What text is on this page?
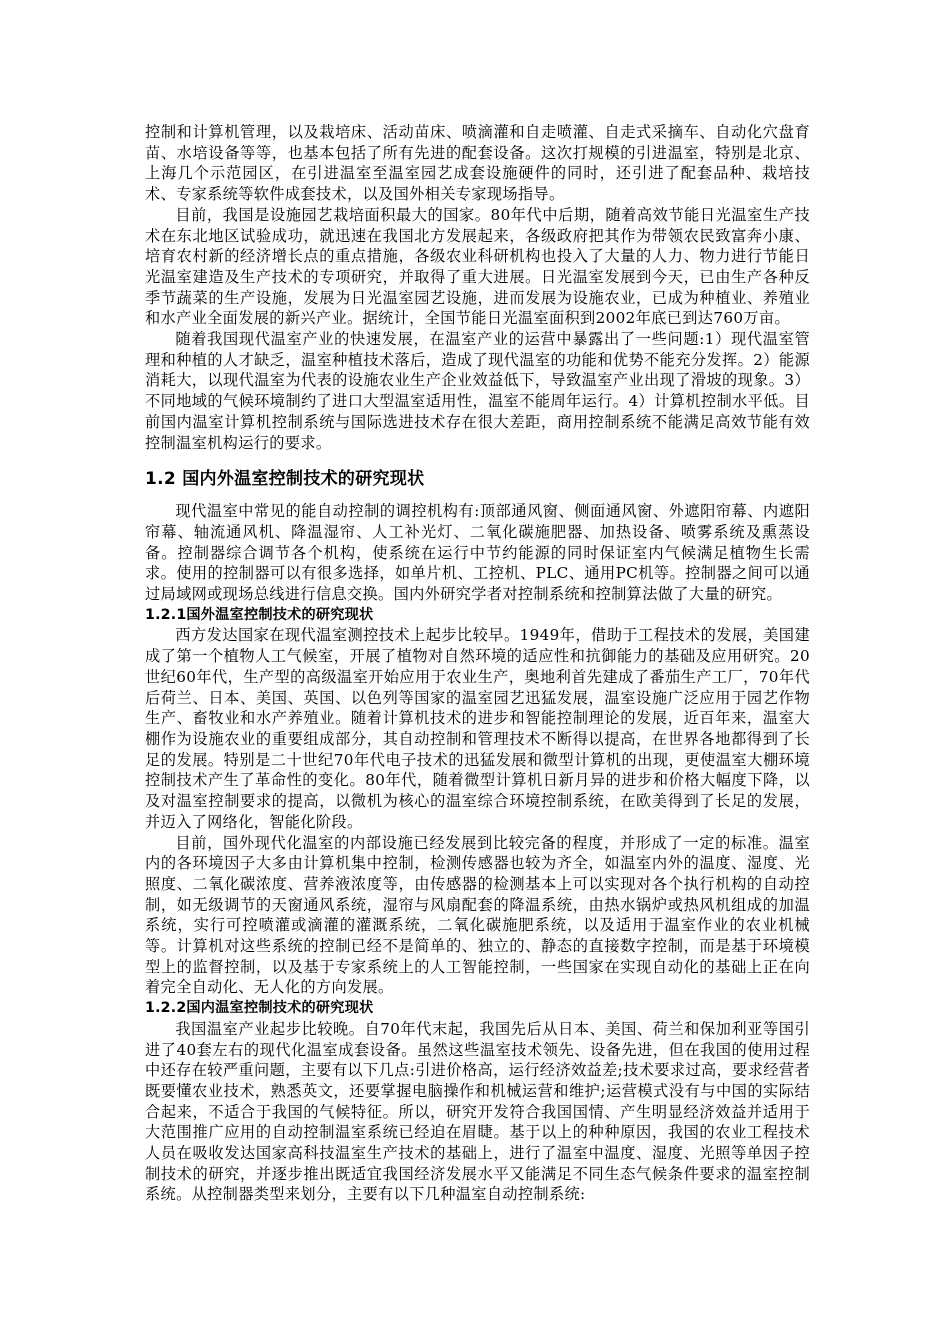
控制和计算机管理，以及栽培床、活动苗床、喷滴灌和自走喷灌、自走式采摘车、自动化穴盘育苗、水培设备等等，也基本包括了所有先进的配套设备。这次打规模的引进温室，特别是北京、上海几个示范园区，在引进温室至温室园艺成套设施硬件的同时，还引进了配套品种、栽培技术、专家系统等软件成套技术，以及国外相关专家现场指导。

目前，我国是设施园艺栽培面积最大的国家。80年代中后期，随着高效节能日光温室生产技术在东北地区试验成功，就迅速在我国北方发展起来，各级政府把其作为带领农民致富奔小康、培育农村新的经济增长点的重点措施，各级农业科研机构也投入了大量的人力、物力进行节能日光温室建造及生产技术的专项研究，并取得了重大进展。日光温室发展到今天，已由生产各种反季节蔬菜的生产设施，发展为日光温室园艺设施，进而发展为设施农业，已成为种植业、养殖业和水产业全面发展的新兴产业。据统计，全国节能日光温室面积到2002年底已到达760万亩。

随着我国现代温室产业的快速发展，在温室产业的运营中暴露出了一些问题:1）现代温室管理和种植的人才缺乏，温室种植技术落后，造成了现代温室的功能和优势不能充分发挥。2）能源消耗大，以现代温室为代表的设施农业生产企业效益低下，导致温室产业出现了滑坡的现象。3）不同地域的气候环境制约了进口大型温室适用性，温室不能周年运行。4）计算机控制水平低。目前国内温室计算机控制系统与国际选进技术存在很大差距，商用控制系统不能满足高效节能有效控制温室机构运行的要求。

1.2 国内外温室控制技术的研究现状

现代温室中常见的能自动控制的调控机构有:顶部通风窗、侧面通风窗、外遮阳帘幕、内遮阳帘幕、轴流通风机、降温湿帘、人工补光灯、二氧化碳施肥器、加热设备、喷雾系统及熏蒸设备。控制器综合调节各个机构，使系统在运行中节约能源的同时保证室内气候满足植物生长需求。使用的控制器可以有很多选择，如单片机、工控机、PLC、通用PC机等。控制器之间可以通过局域网或现场总线进行信息交换。国内外研究学者对控制系统和控制算法做了大量的研究。

1.2.1国外温室控制技术的研究现状

西方发达国家在现代温室测控技术上起步比较早。1949年，借助于工程技术的发展，美国建成了第一个植物人工气候室，开展了植物对自然环境的适应性和抗御能力的基础及应用研究。20世纪60年代，生产型的高级温室开始应用于农业生产，奥地利首先建成了番茄生产工厂，70年代后荷兰、日本、美国、英国、以色列等国家的温室园艺迅猛发展，温室设施广泛应用于园艺作物生产、畜牧业和水产养殖业。随着计算机技术的进步和智能控制理论的发展，近百年来，温室大棚作为设施农业的重要组成部分，其自动控制和管理技术不断得以提高，在世界各地都得到了长足的发展。特别是二十世纪70年代电子技术的迅猛发展和微型计算机的出现，更使温室大棚环境控制技术产生了革命性的变化。80年代，随着微型计算机日新月异的进步和价格大幅度下降，以及对温室控制要求的提高，以微机为核心的温室综合环境控制系统，在欧美得到了长足的发展，并迈入了网络化，智能化阶段。

目前，国外现代化温室的内部设施已经发展到比较完备的程度，并形成了一定的标准。温室内的各环境因子大多由计算机集中控制，检测传感器也较为齐全，如温室内外的温度、湿度、光照度、二氧化碳浓度、营养液浓度等，由传感器的检测基本上可以实现对各个执行机构的自动控制，如无级调节的天窗通风系统，湿帘与风扇配套的降温系统，由热水锅炉或热风机组成的加温系统，实行可控喷灌或滴灌的灌溉系统，二氧化碳施肥系统，以及适用于温室作业的农业机械等。计算机对这些系统的控制已经不是简单的、独立的、静态的直接数字控制，而是基于环境模型上的监督控制，以及基于专家系统上的人工智能控制，一些国家在实现自动化的基础上正在向着完全自动化、无人化的方向发展。

1.2.2国内温室控制技术的研究现状

我国温室产业起步比较晚。自70年代末起，我国先后从日本、美国、荷兰和保加利亚等国引进了40套左右的现代化温室成套设备。虽然这些温室技术领先、设备先进，但在我国的使用过程中还存在较严重问题，主要有以下几点:引进价格高，运行经济效益差;技术要求过高，要求经营者既要懂农业技术，熟悉英文，还要掌握电脑操作和机械运营和维护;运营模式没有与中国的实际结合起来，不适合于我国的气候特征。所以，研究开发符合我国国情、产生明显经济效益并适用于大范围推广应用的自动控制温室系统已经迫在眉睫。基于以上的种种原因，我国的农业工程技术人员在吸收发达国家高科技温室生产技术的基础上，进行了温室中温度、湿度、光照等单因子控制技术的研究，并逐步推出既适宜我国经济发展水平又能满足不同生态气候条件要求的温室控制系统。从控制器类型来划分，主要有以下几种温室自动控制系统:
